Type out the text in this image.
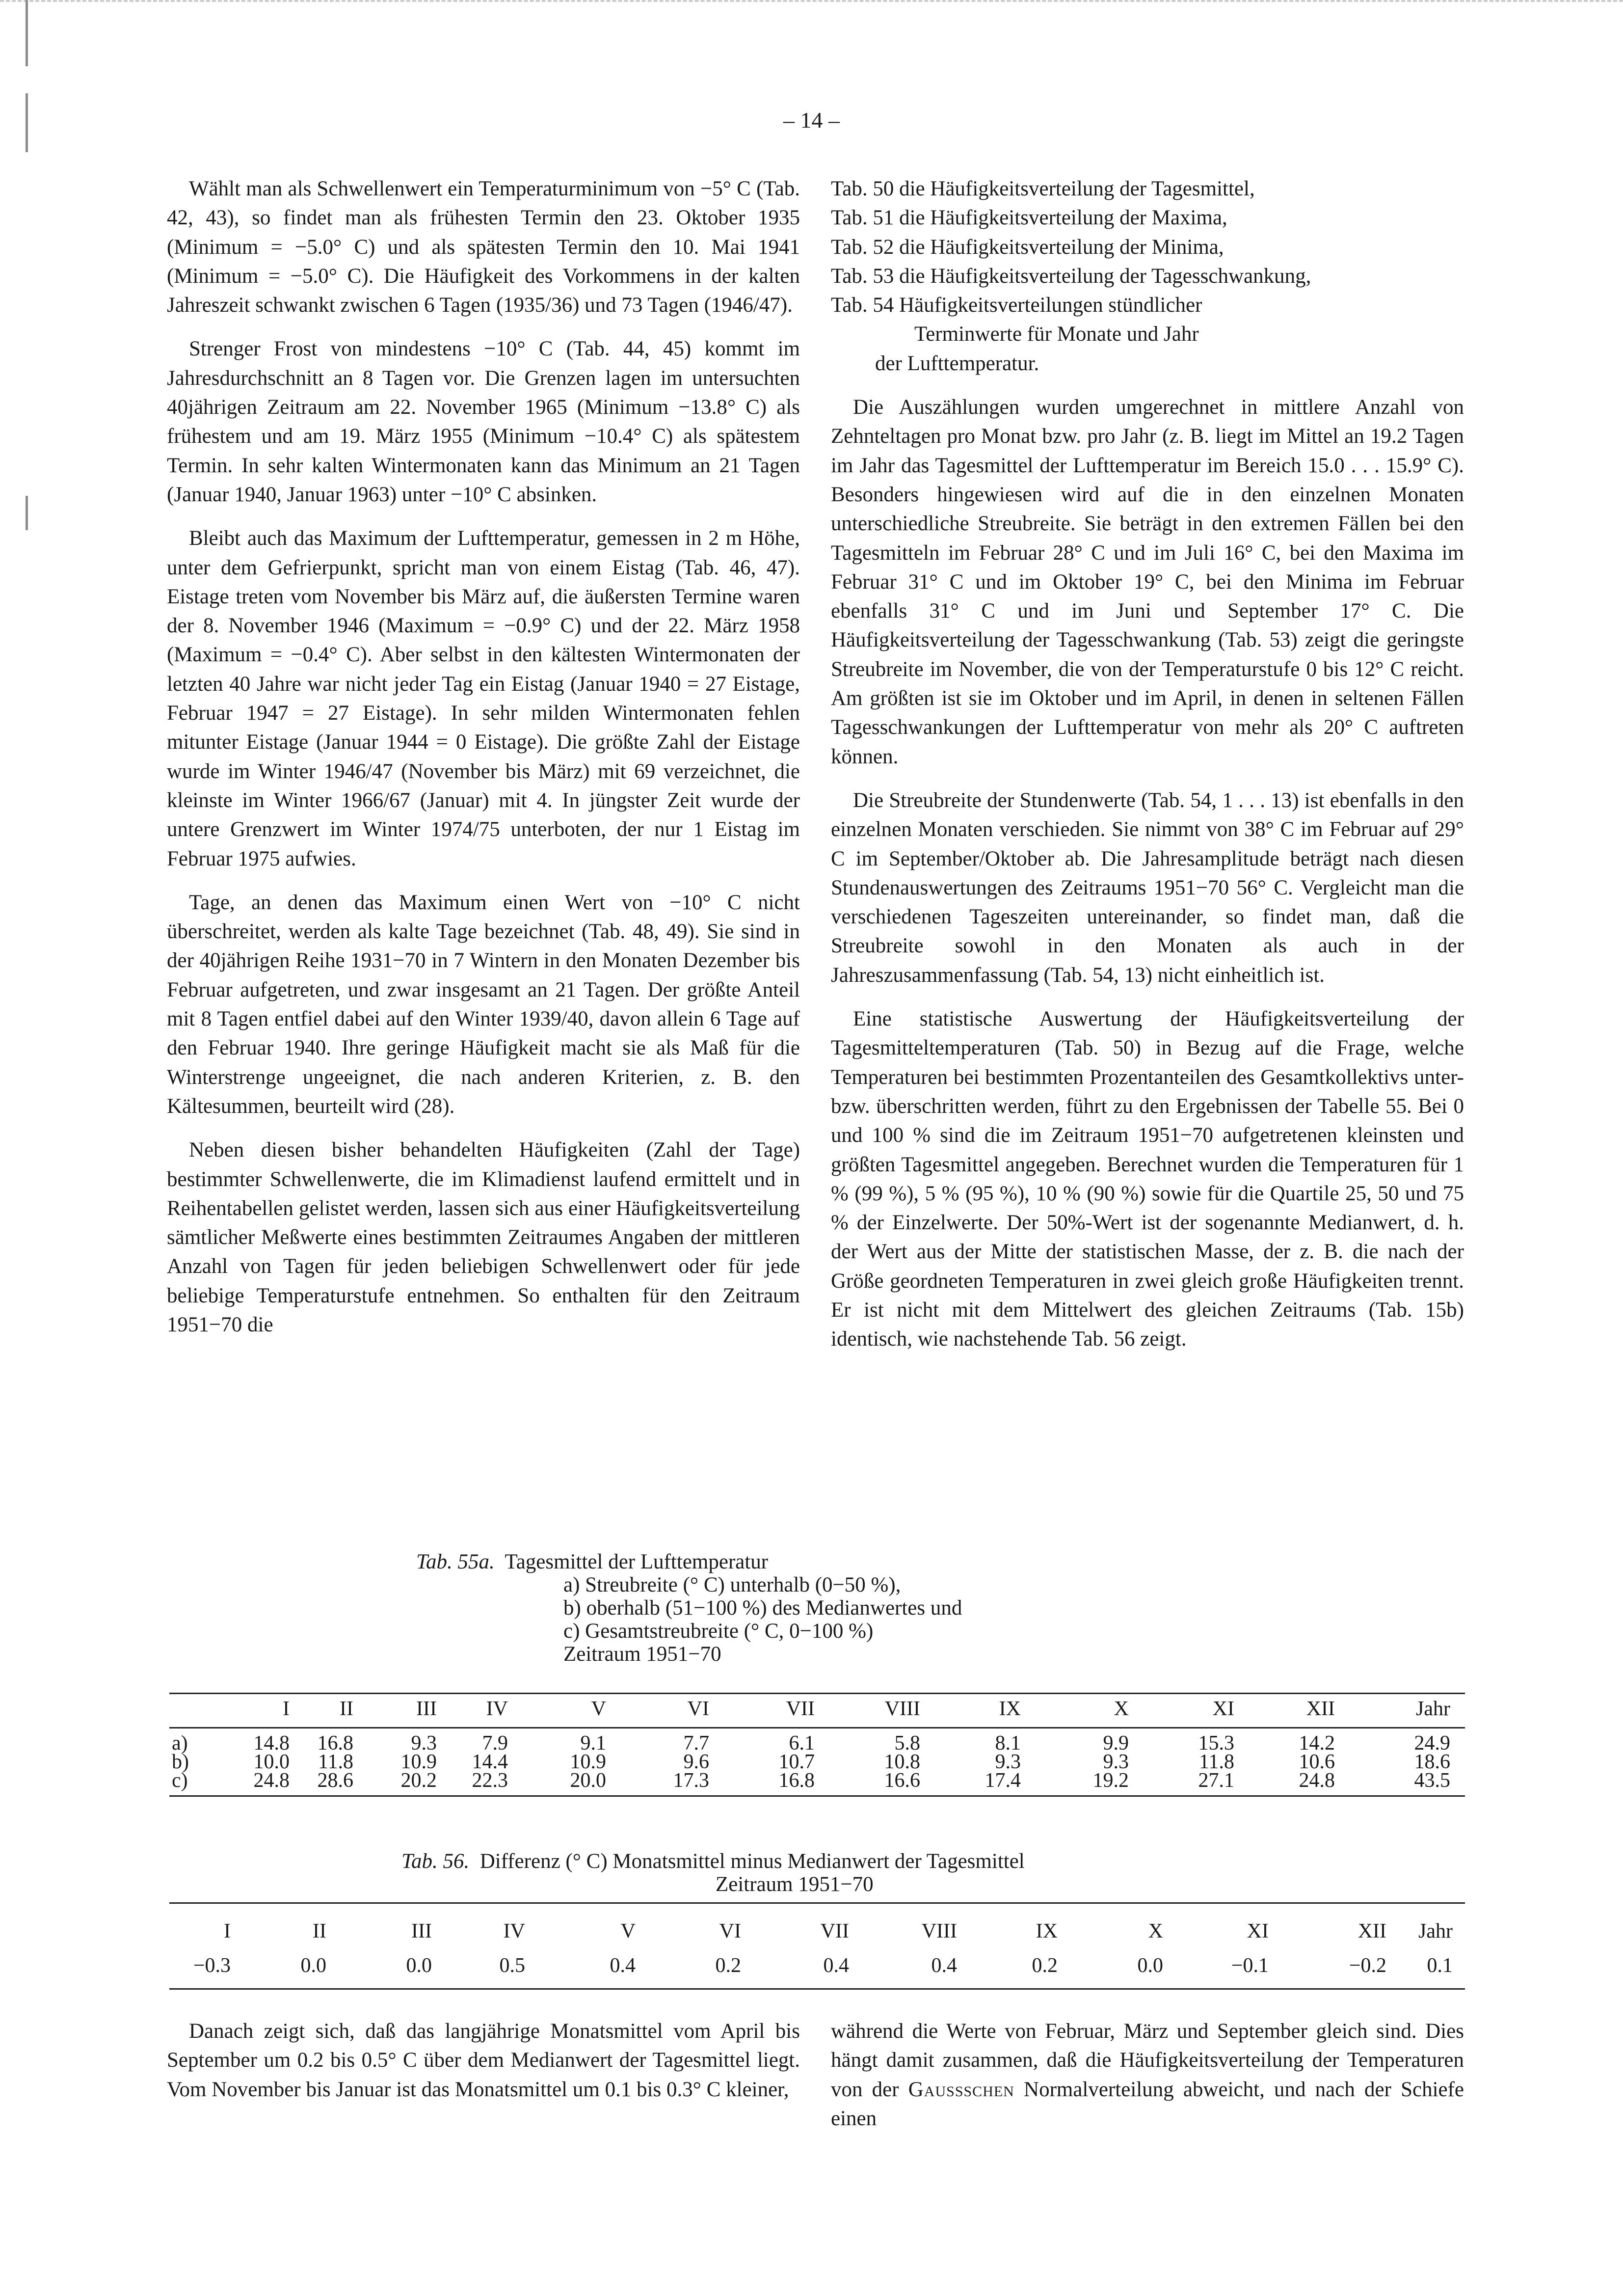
– 14 –

Wählt man als Schwellenwert ein Temperaturminimum von −5° C (Tab. 42, 43), so findet man als frühesten Termin den 23. Oktober 1935 (Minimum = −5.0° C) und als spätesten Termin den 10. Mai 1941 (Minimum = −5.0° C). Die Häufigkeit des Vorkommens in der kalten Jahreszeit schwankt zwischen 6 Tagen (1935/36) und 73 Tagen (1946/47).

Strenger Frost von mindestens −10° C (Tab. 44, 45) kommt im Jahresdurchschnitt an 8 Tagen vor. Die Grenzen lagen im untersuchten 40jährigen Zeitraum am 22. November 1965 (Minimum −13.8° C) als frühestem und am 19. März 1955 (Minimum −10.4° C) als spätestem Termin. In sehr kalten Wintermonaten kann das Minimum an 21 Tagen (Januar 1940, Januar 1963) unter −10° C absinken.

Bleibt auch das Maximum der Lufttemperatur, gemessen in 2 m Höhe, unter dem Gefrierpunkt, spricht man von einem Eistag (Tab. 46, 47). Eistage treten vom November bis März auf, die äußersten Termine waren der 8. November 1946 (Maximum = −0.9° C) und der 22. März 1958 (Maximum = −0.4° C). Aber selbst in den kältesten Wintermonaten der letzten 40 Jahre war nicht jeder Tag ein Eistag (Januar 1940 = 27 Eistage, Februar 1947 = 27 Eistage). In sehr milden Wintermonaten fehlen mitunter Eistage (Januar 1944 = 0 Eistage). Die größte Zahl der Eistage wurde im Winter 1946/47 (November bis März) mit 69 verzeichnet, die kleinste im Winter 1966/67 (Januar) mit 4. In jüngster Zeit wurde der untere Grenzwert im Winter 1974/75 unterboten, der nur 1 Eistag im Februar 1975 aufwies.

Tage, an denen das Maximum einen Wert von −10° C nicht überschreitet, werden als kalte Tage bezeichnet (Tab. 48, 49). Sie sind in der 40jährigen Reihe 1931−70 in 7 Wintern in den Monaten Dezember bis Februar aufgetreten, und zwar insgesamt an 21 Tagen. Der größte Anteil mit 8 Tagen entfiel dabei auf den Winter 1939/40, davon allein 6 Tage auf den Februar 1940. Ihre geringe Häufigkeit macht sie als Maß für die Winterstrenge ungeeignet, die nach anderen Kriterien, z. B. den Kältesummen, beurteilt wird (28).

Neben diesen bisher behandelten Häufigkeiten (Zahl der Tage) bestimmter Schwellenwerte, die im Klimadienst laufend ermittelt und in Reihentabellen gelistet werden, lassen sich aus einer Häufigkeitsverteilung sämtlicher Meßwerte eines bestimmten Zeitraumes Angaben der mittleren Anzahl von Tagen für jeden beliebigen Schwellenwert oder für jede beliebige Temperaturstufe entnehmen. So enthalten für den Zeitraum 1951−70 die

Tab. 50 die Häufigkeitsverteilung der Tagesmittel,
Tab. 51 die Häufigkeitsverteilung der Maxima,
Tab. 52 die Häufigkeitsverteilung der Minima,
Tab. 53 die Häufigkeitsverteilung der Tagesschwankung,
Tab. 54 Häufigkeitsverteilungen stündlicher
Terminwerte für Monate und Jahr
der Lufttemperatur.

Die Auszählungen wurden umgerechnet in mittlere Anzahl von Zehnteltagen pro Monat bzw. pro Jahr (z. B. liegt im Mittel an 19.2 Tagen im Jahr das Tagesmittel der Lufttemperatur im Bereich 15.0 . . . 15.9° C). Besonders hingewiesen wird auf die in den einzelnen Monaten unterschiedliche Streubreite. Sie beträgt in den extremen Fällen bei den Tagesmitteln im Februar 28° C und im Juli 16° C, bei den Maxima im Februar 31° C und im Oktober 19° C, bei den Minima im Februar ebenfalls 31° C und im Juni und September 17° C. Die Häufigkeitsverteilung der Tagesschwankung (Tab. 53) zeigt die geringste Streubreite im November, die von der Temperaturstufe 0 bis 12° C reicht. Am größten ist sie im Oktober und im April, in denen in seltenen Fällen Tagesschwankungen der Lufttemperatur von mehr als 20° C auftreten können.

Die Streubreite der Stundenwerte (Tab. 54, 1 . . . 13) ist ebenfalls in den einzelnen Monaten verschieden. Sie nimmt von 38° C im Februar auf 29° C im September/Oktober ab. Die Jahresamplitude beträgt nach diesen Stundenauswertungen des Zeitraums 1951−70 56° C. Vergleicht man die verschiedenen Tageszeiten untereinander, so findet man, daß die Streubreite sowohl in den Monaten als auch in der Jahreszusammenfassung (Tab. 54, 13) nicht einheitlich ist.

Eine statistische Auswertung der Häufigkeitsverteilung der Tagesmitteltemperaturen (Tab. 50) in Bezug auf die Frage, welche Temperaturen bei bestimmten Prozentanteilen des Gesamtkollektivs unter- bzw. überschritten werden, führt zu den Ergebnissen der Tabelle 55. Bei 0 und 100 % sind die im Zeitraum 1951−70 aufgetretenen kleinsten und größten Tagesmittel angegeben. Berechnet wurden die Temperaturen für 1 % (99 %), 5 % (95 %), 10 % (90 %) sowie für die Quartile 25, 50 und 75 % der Einzelwerte. Der 50%-Wert ist der sogenannte Medianwert, d. h. der Wert aus der Mitte der statistischen Masse, der z. B. die nach der Größe geordneten Temperaturen in zwei gleich große Häufigkeiten trennt. Er ist nicht mit dem Mittelwert des gleichen Zeitraums (Tab. 15b) identisch, wie nachstehende Tab. 56 zeigt.

Tab. 55a. Tagesmittel der Lufttemperatur
a) Streubreite (° C) unterhalb (0−50 %),
b) oberhalb (51−100 %) des Medianwertes und
c) Gesamtstreubreite (° C, 0−100 %)
Zeitraum 1951−70
I II	III IV	V	VI	VII	VIII	IX	X	XI	XII	Jahr
a)	14.8 16.8	9.3 7.9	9.1	7.7	6.1	5.8	8.1	9.9	15.3	14.2	24.9
b)	10.0 11.8 10.9 14.4	10.9	9.6	10.7	10.8	9.3	9.3	11.8	10.6	18.6
c)	24.8 28.6 20.2 22.3	20.0	17.3	16.8	16.6	17.4	19.2	27.1	24.8	43.5
Tab. 56. Differenz (° C) Monatsmittel minus Medianwert der Tagesmittel
Zeitraum 1951−70
I	II	III	IV	V	VI	VII	VIII	IX	X	XI	XII Jahr
−0.3	0.0	0.0	0.5	0.4	0.2	0.4	0.4	0.2	0.0	−0.1	−0.2 0.1

Danach zeigt sich, daß das langjährige Monatsmittel vom April bis September um 0.2 bis 0.5° C über dem Medianwert der Tagesmittel liegt. Vom November bis Januar ist das Monatsmittel um 0.1 bis 0.3° C kleiner,

während die Werte von Februar, März und September gleich sind. Dies hängt damit zusammen, daß die Häufigkeitsverteilung der Temperaturen von der Gaussschen Normalverteilung abweicht, und nach der Schiefe einen
